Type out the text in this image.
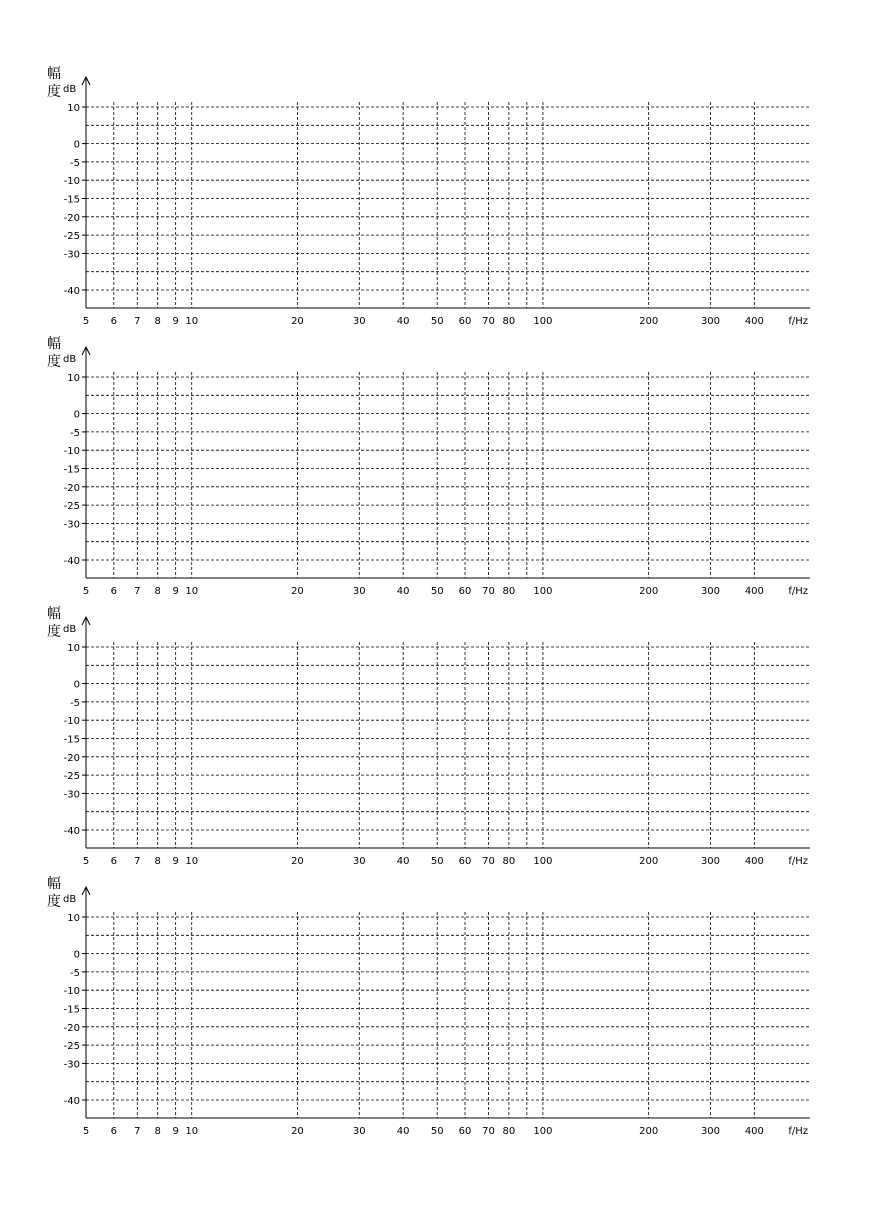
10
0
-5
-10
-15
-20
-25
-30
-40
5 6 7 8 9 10	20	30	40 50 60 70 80 100	200	300 400 f/Hz
幅
度 dB
10
0
-5
-10
-15
-20
-25
-30
-40
5 6 7 8 9 10	20	30	40 50 60 70 80 100	200	300 400 f/Hz
幅
度 dB
10
0
-5
-10
-15
-20
-25
-30
-40
5 6 7 8 9 10	20	30	40 50 60 70 80 100	200	300 400 f/Hz
幅
度 dB
10
0
-5
-10
-15
-20
-25
-30
-40
5 6 7 8 9 10	20	30	40 50 60 70 80 100	200	300 400 f/Hz
幅
度 dB
